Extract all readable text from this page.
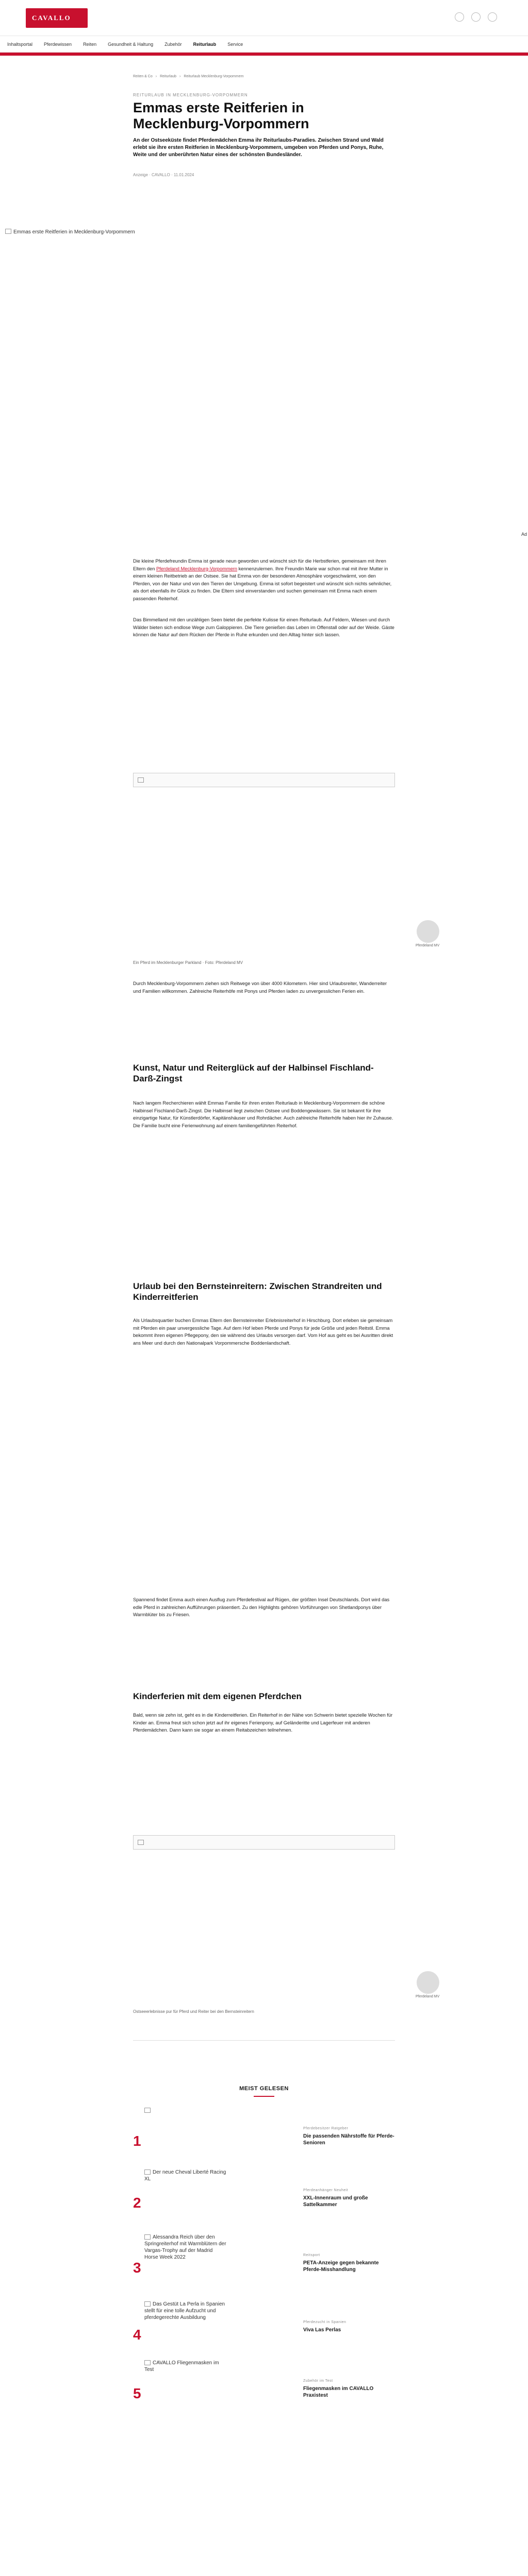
CAVALLO
Inhaltsportal Pferdewissen Reiten Gesundheit & Haltung Zubehör Reiturlaub Service
Reiten & Co › Reiturlaub › Reiturlaub Mecklenburg-Vorpommern
REITURLAUB IN MECKLENBURG-VORPOMMERN
Emmas erste Reitferien in Mecklenburg-Vorpommern

An der Ostseeküste findet Pferdemädchen Emma ihr Reiturlaubs-Paradies. Zwischen Strand und Wald erlebt sie ihre ersten Reitferien in Mecklenburg-Vorpommern, umgeben von Pferden und Ponys, Ruhe, Weite und der unberührten Natur eines der schönsten Bundesländer.

Anzeige · CAVALLO · 11.01.2024
Emmas erste Reitferien in Mecklenburg-Vorpommern
Ad

Die kleine Pferdefreundin Emma ist gerade neun geworden und wünscht sich für die Herbstferien, gemeinsam mit ihren Eltern den Pferdeland Mecklenburg-Vorpommern kennenzulernen. Ihre Freundin Marie war schon mal mit ihrer Mutter in einem kleinen Reitbetrieb an der Ostsee. Sie hat Emma von der besonderen Atmosphäre vorgeschwärmt, von den Pferden, von der Natur und von den Tieren der Umgebung. Emma ist sofort begeistert und wünscht sich nichts sehnlicher, als dort ebenfalls ihr Glück zu finden. Die Eltern sind einverstanden und suchen gemeinsam mit Emma nach einem passenden Reiterhof.

Das Bimmelland mit den unzähligen Seen bietet die perfekte Kulisse für einen Reiturlaub. Auf Feldern, Wiesen und durch Wälder bieten sich endlose Wege zum Galoppieren. Die Tiere genießen das Leben im Offenstall oder auf der Weide. Gäste können die Natur auf dem Rücken der Pferde in Ruhe erkunden und den Alltag hinter sich lassen.

Pferdeland MV
Ein Pferd im Mecklenburger Parkland · Foto: Pferdeland MV

Durch Mecklenburg-Vorpommern ziehen sich Reitwege von über 4000 Kilometern. Hier sind Urlaubsreiter, Wanderreiter und Familien willkommen. Zahlreiche Reiterhöfe mit Ponys und Pferden laden zu unvergesslichen Ferien ein.

Kunst, Natur und Reiterglück auf der Halbinsel Fischland-Darß-Zingst

Nach langem Recherchieren wählt Emmas Familie für ihren ersten Reiturlaub in Mecklenburg-Vorpommern die schöne Halbinsel Fischland-Darß-Zingst. Die Halbinsel liegt zwischen Ostsee und Boddengewässern. Sie ist bekannt für ihre einzigartige Natur, für Künstlerdörfer, Kapitänshäuser und Rohrdächer. Auch zahlreiche Reiterhöfe haben hier ihr Zuhause. Die Familie bucht eine Ferienwohnung auf einem familiengeführten Reiterhof.

Urlaub bei den Bernsteinreitern: Zwischen Strandreiten und Kinderreitferien

Als Urlaubsquartier buchen Emmas Eltern den Bernsteinreiter Erlebnisreiterhof in Hirschburg. Dort erleben sie gemeinsam mit Pferden ein paar unvergessliche Tage. Auf dem Hof leben Pferde und Ponys für jede Größe und jeden Reitstil. Emma bekommt ihren eigenen Pflegepony, den sie während des Urlaubs versorgen darf. Vom Hof aus geht es bei Ausritten direkt ans Meer und durch den Nationalpark Vorpommersche Boddenlandschaft.

Spannend findet Emma auch einen Ausflug zum Pferdefestival auf Rügen, der größten Insel Deutschlands. Dort wird das edle Pferd in zahlreichen Aufführungen präsentiert. Zu den Highlights gehören Vorführungen von Shetlandponys über Warmblüter bis zu Friesen.

Kinderferien mit dem eigenen Pferdchen

Bald, wenn sie zehn ist, geht es in die Kinderreitferien. Ein Reiterhof in der Nähe von Schwerin bietet spezielle Wochen für Kinder an. Emma freut sich schon jetzt auf ihr eigenes Ferienpony, auf Geländeritte und Lagerfeuer mit anderen Pferdemädchen. Dann kann sie sogar an einem Reitabzeichen teilnehmen.

Pferdeland MV
Ostseeerlebnisse pur für Pferd und Reiter bei den Bernsteinreitern
MEIST GELESEN
1
Pferdebesitzer Ratgeber
Die passenden Nährstoffe für Pferde-Senioren
2
Der neue Cheval Liberté Racing XL
Pferdeanhänger Neuheit
XXL-Innenraum und große Sattelkammer
3
Alessandra Reich über den Springreiterhof mit Warmblütern der Vargas-Trophy auf der Madrid Horse Week 2022	Reitsport
PETA-Anzeige gegen bekannte Pferde-Misshandlung
4
Das Gestüt La Perla in Spanien stellt für eine tolle Aufzucht und pferdegerechte Ausbildung
Pferdezucht in Spanien
Viva Las Perlas
5
CAVALLO Fliegenmasken im Test
Zubehör im Test
Fliegenmasken im CAVALLO Praxistest
